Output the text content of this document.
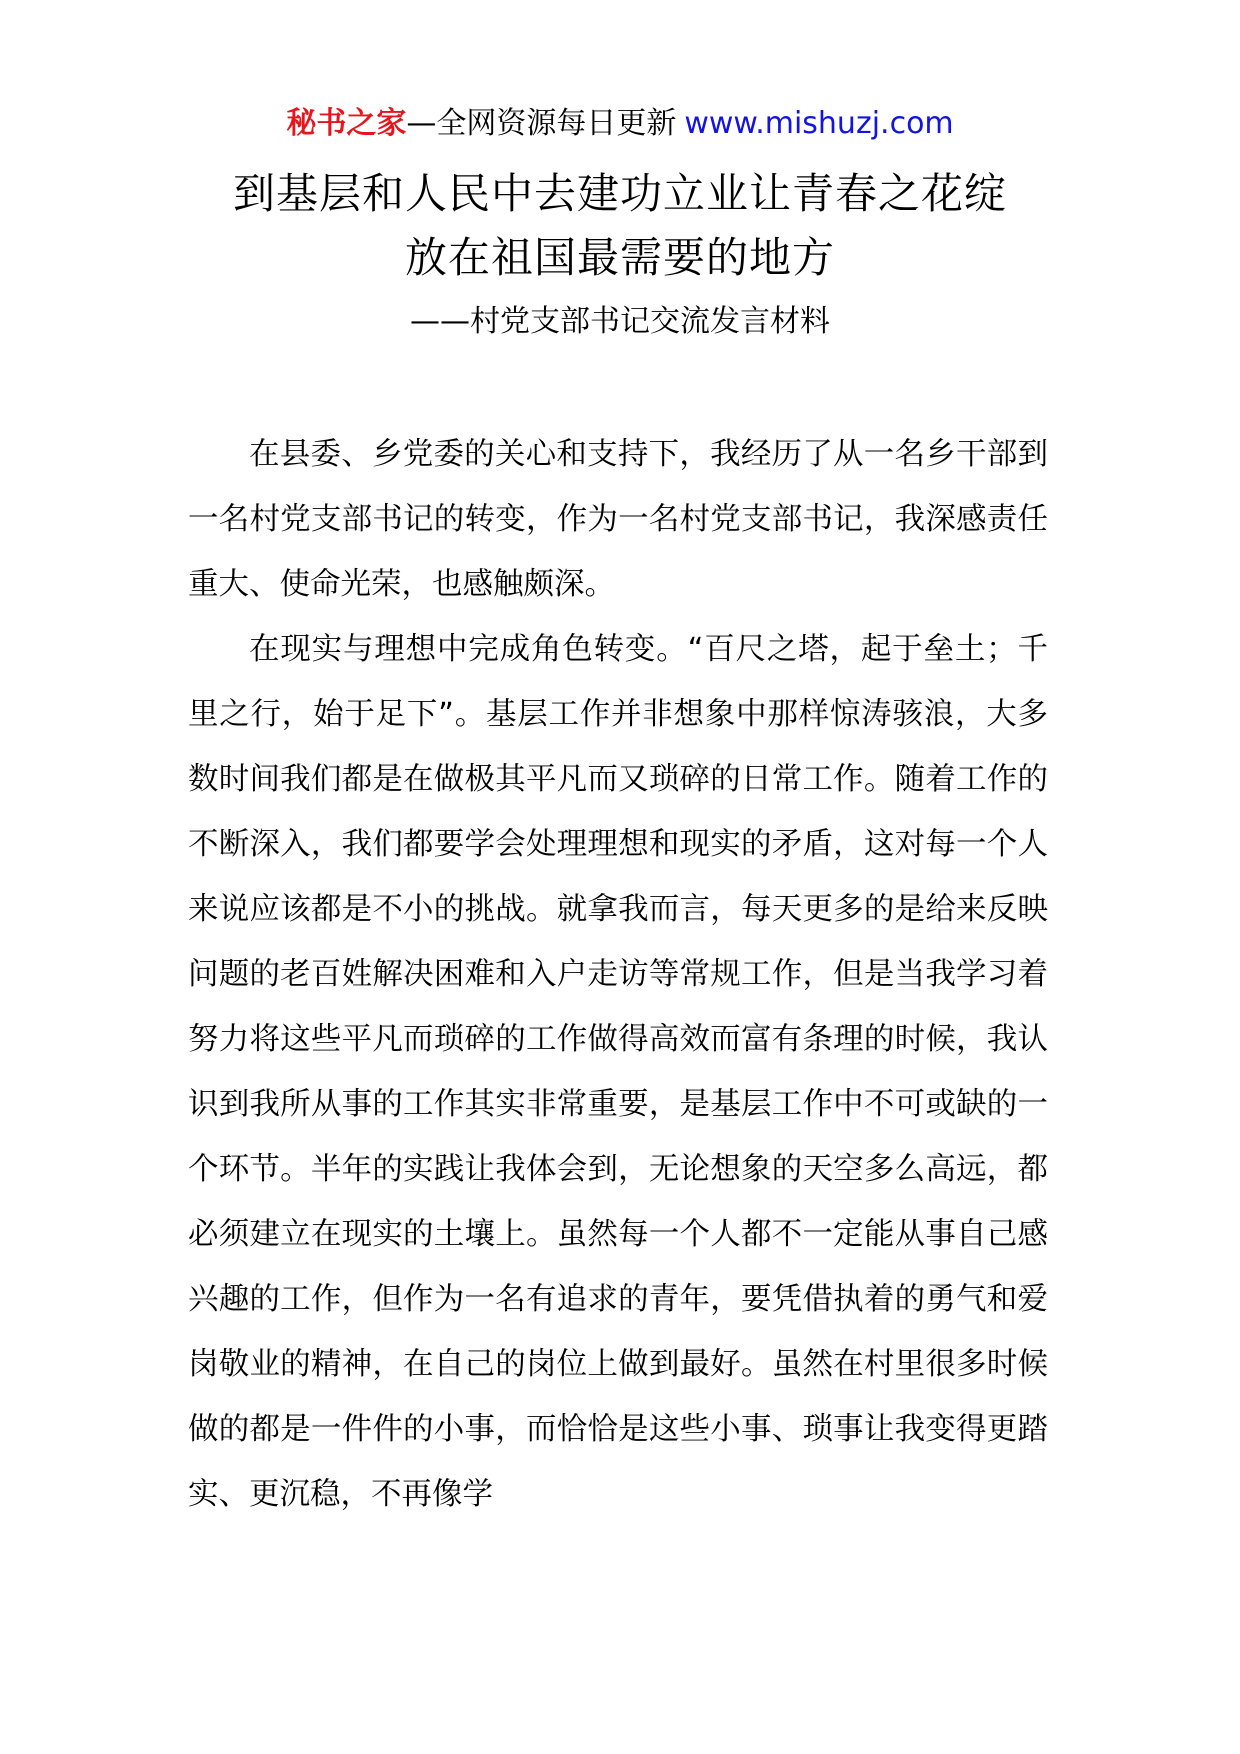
秘书之家—全网资源每日更新 www.mishuzj.com
到基层和人民中去建功立业让青春之花绽
放在祖国最需要的地方
——村党支部书记交流发言材料

在县委、乡党委的关心和支持下，我经历了从一名乡干部到一名村党支部书记的转变，作为一名村党支部书记，我深感责任重大、使命光荣，也感触颇深。

在现实与理想中完成角色转变。“百尺之塔，起于垒土；千里之行，始于足下”。基层工作并非想象中那样惊涛骇浪，大多数时间我们都是在做极其平凡而又琐碎的日常工作。随着工作的不断深入，我们都要学会处理理想和现实的矛盾，这对每一个人来说应该都是不小的挑战。就拿我而言，每天更多的是给来反映问题的老百姓解决困难和入户走访等常规工作，但是当我学习着努力将这些平凡而琐碎的工作做得高效而富有条理的时候，我认识到我所从事的工作其实非常重要，是基层工作中不可或缺的一个环节。半年的实践让我体会到，无论想象的天空多么高远，都必须建立在现实的土壤上。虽然每一个人都不一定能从事自己感兴趣的工作，但作为一名有追求的青年，要凭借执着的勇气和爱岗敬业的精神，在自己的岗位上做到最好。虽然在村里很多时候做的都是一件件的小事，而恰恰是这些小事、琐事让我变得更踏实、更沉稳，不再像学
